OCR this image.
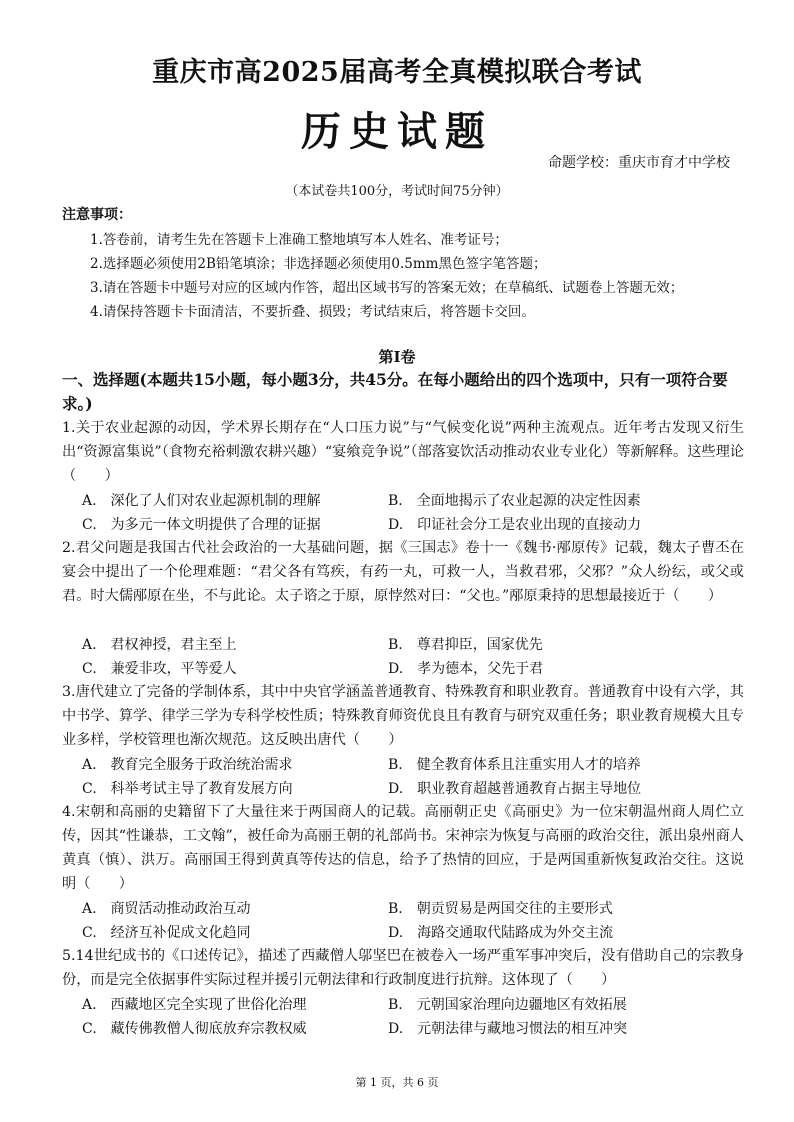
重庆市高2025届高考全真模拟联合考试
历史试题
命题学校：重庆市育才中学校
（本试卷共100分，考试时间75分钟）
注意事项：
1.答卷前，请考生先在答题卡上准确工整地填写本人姓名、准考证号；
2.选择题必须使用2B铅笔填涂；非选择题必须使用0.5mm黑色签字笔答题；
3.请在答题卡中题号对应的区域内作答，超出区域书写的答案无效；在草稿纸、试题卷上答题无效；
4.请保持答题卡卡面清洁，不要折叠、损毁；考试结束后，将答题卡交回。
第Ⅰ卷
一、选择题(本题共15小题，每小题3分，共45分。在每小题给出的四个选项中，只有一项符合要求。)
1.关于农业起源的动因，学术界长期存在“人口压力说”与“气候变化说”两种主流观点。近年考古发现又衍生出“资源富集说”（食物充裕刺激农耕兴趣）“宴飨竞争说”（部落宴饮活动推动农业专业化）等新解释。这些理论（　　）
A.　深化了人们对农业起源机制的理解	B.　全面地揭示了农业起源的决定性因素
C.　为多元一体文明提供了合理的证据	D.　印证社会分工是农业出现的直接动力
2.君父问题是我国古代社会政治的一大基础问题，据《三国志》卷十一《魏书·邴原传》记载，魏太子曹丕在宴会中提出了一个伦理难题：“君父各有笃疾，有药一丸，可救一人，当救君邪，父邪？”众人纷纭，或父或君。时大儒邴原在坐，不与此论。太子谘之于原，原悖然对曰：“父也。”邴原秉持的思想最接近于（　　）
A.　君权神授，君主至上	B.　尊君抑臣，国家优先
C.　兼爱非攻，平等爱人	D.　孝为德本，父先于君
3.唐代建立了完备的学制体系，其中中央官学涵盖普通教育、特殊教育和职业教育。普通教育中设有六学，其中书学、算学、律学三学为专科学校性质；特殊教育师资优良且有教育与研究双重任务；职业教育规模大且专业多样，学校管理也渐次规范。这反映出唐代（　　）
A.　教育完全服务于政治统治需求	B.　健全教育体系且注重实用人才的培养
C.　科举考试主导了教育发展方向	D.　职业教育超越普通教育占据主导地位
4.宋朝和高丽的史籍留下了大量往来于两国商人的记载。高丽朝正史《高丽史》为一位宋朝温州商人周伫立传，因其“性谦恭，工文翰”，被任命为高丽王朝的礼部尚书。宋神宗为恢复与高丽的政治交往，派出泉州商人黄真（慎）、洪万。高丽国王得到黄真等传达的信息，给予了热情的回应，于是两国重新恢复政治交往。这说明（　　）
A.　商贸活动推动政治互动	B.　朝贡贸易是两国交往的主要形式
C.　经济互补促成文化趋同	D.　海路交通取代陆路成为外交主流
5.14世纪成书的《口述传记》，描述了西藏僧人邬坚巴在被卷入一场严重军事冲突后，没有借助自己的宗教身份，而是完全依据事件实际过程并援引元朝法律和行政制度进行抗辩。这体现了（　　）
A.　西藏地区完全实现了世俗化治理	B.　元朝国家治理向边疆地区有效拓展
C.　藏传佛教僧人彻底放弃宗教权威	D.　元朝法律与藏地习惯法的相互冲突
第 1 页，共 6 页
